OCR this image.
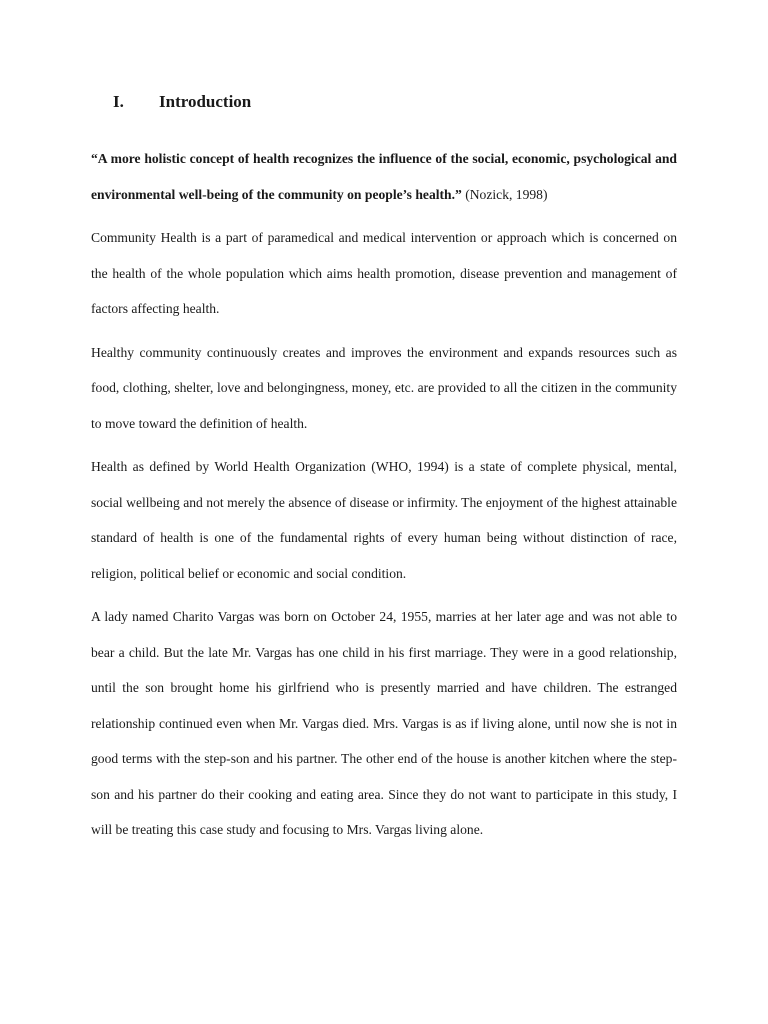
I. Introduction

“A more holistic concept of health recognizes the influence of the social, economic, psychological and environmental well-being of the community on people’s health.” (Nozick, 1998)

Community Health is a part of paramedical and medical intervention or approach which is concerned on the health of the whole population which aims health promotion, disease prevention and management of factors affecting health.

Healthy community continuously creates and improves the environment and expands resources such as food, clothing, shelter, love and belongingness, money, etc. are provided to all the citizen in the community to move toward the definition of health.

Health as defined by World Health Organization (WHO, 1994) is a state of complete physical, mental, social wellbeing and not merely the absence of disease or infirmity. The enjoyment of the highest attainable standard of health is one of the fundamental rights of every human being without distinction of race, religion, political belief or economic and social condition.

A lady named Charito Vargas was born on October 24, 1955, marries at her later age and was not able to bear a child. But the late Mr. Vargas has one child in his first marriage. They were in a good relationship, until the son brought home his girlfriend who is presently married and have children. The estranged relationship continued even when Mr. Vargas died. Mrs. Vargas is as if living alone, until now she is not in good terms with the step-son and his partner. The other end of the house is another kitchen where the step-son and his partner do their cooking and eating area. Since they do not want to participate in this study, I will be treating this case study and focusing to Mrs. Vargas living alone.
